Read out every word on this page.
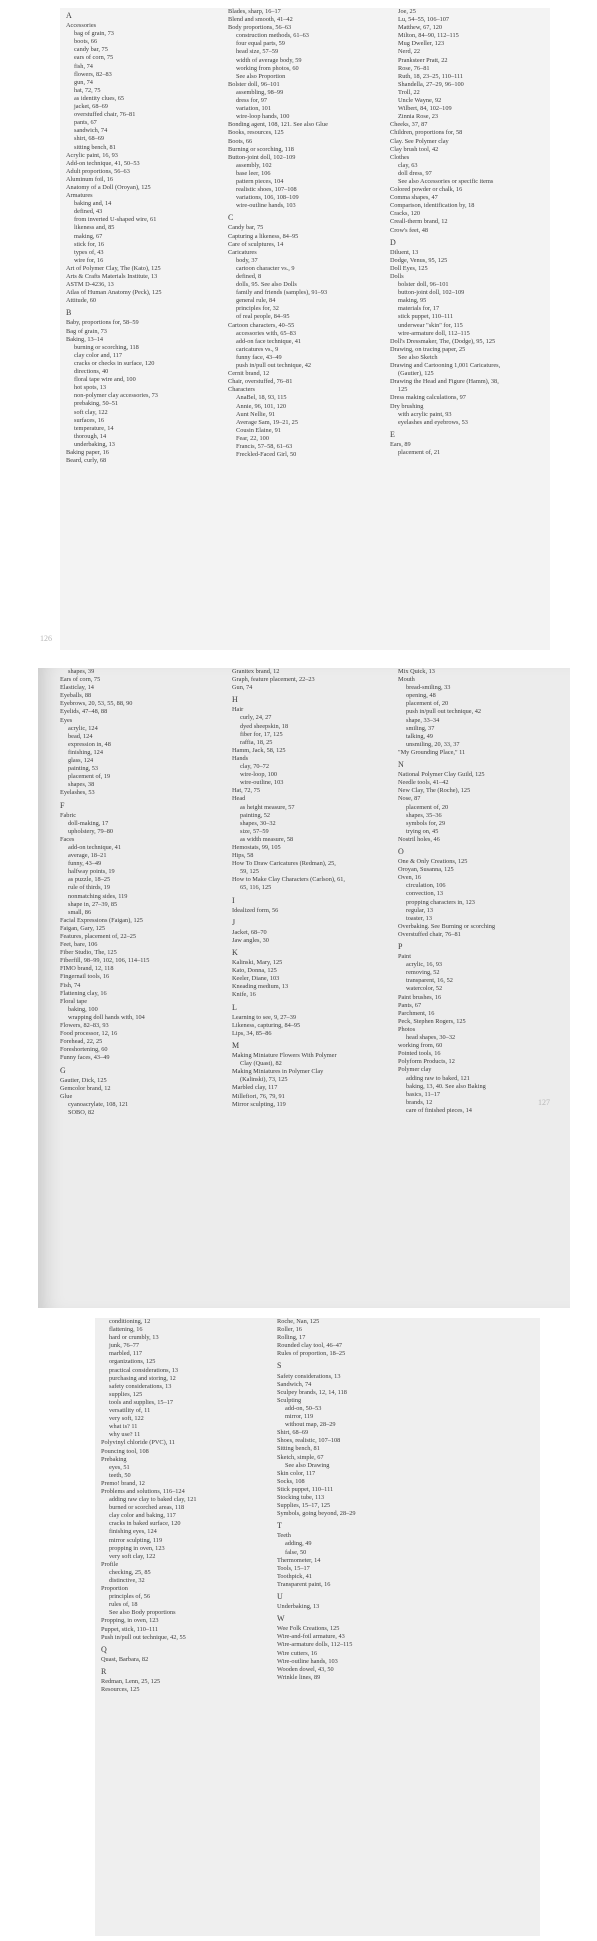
A
Accessories
bag of grain, 73
boots, 66
candy bar, 75
ears of corn, 75
fish, 74
flowers, 82–83
gun, 74
hat, 72, 75
as identity clues, 65
jacket, 68–69
overstuffed chair, 76–81
pants, 67
sandwich, 74
shirt, 68–69
sitting bench, 81
Acrylic paint, 16, 93
Add-on technique, 41, 50–53
Adult proportions, 56–63
Aluminum foil, 16
Anatomy of a Doll (Oroyan), 125
Armatures
baking and, 14
defined, 43
from inverted U-shaped wire, 61
likeness and, 85
making, 67
stick for, 16
types of, 43
wire for, 16
Art of Polymer Clay, The (Kato), 125
Arts & Crafts Materials Institute, 13
ASTM D-4236, 13
Atlas of Human Anatomy (Peck), 125
Attitude, 60
B
Baby, proportions for, 58–59
Bag of grain, 73
Baking, 13–14
burning or scorching, 118
clay color and, 117
cracks or checks in surface, 120
directions, 40
floral tape wire and, 100
hot spots, 13
non-polymer clay accessories, 73
prebaking, 50–51
soft clay, 122
surfaces, 16
temperature, 14
thorough, 14
underbaking, 13
Baking paper, 16
Beard, curly, 68
Blades, sharp, 16–17
Blend and smooth, 41–42
Body proportions, 56–63
construction methods, 61–63
four equal parts, 59
head size, 57–59
width of average body, 59
working from photos, 60
See also Proportion
Bolster doll, 96–101
assembling, 98–99
dress for, 97
variation, 101
wire-loop hands, 100
Bonding agent, 108, 121. See also Glue
Books, resources, 125
Boots, 66
Burning or scorching, 118
Button-joint doll, 102–109
assembly, 102
base leer, 106
pattern pieces, 104
realistic shoes, 107–108
variations, 106, 108–109
wire-outline hands, 103
C
Candy bar, 75
Capturing a likeness, 84–95
Care of sculptures, 14
Caricatures
body, 37
cartoon character vs., 9
defined, 8
dolls, 95. See also Dolls
family and friends (samples), 91–93
general rule, 84
principles for, 32
of real people, 84–95
Cartoon characters, 40–55
accessories with, 65–83
add-on face technique, 41
caricatures vs., 9
funny face, 43–49
push in/pull out technique, 42
Cernit brand, 12
Chair, overstuffed, 76–81
Characters
AnaBel, 18, 93, 115
Annie, 96, 101, 120
Aunt Nellie, 91
Average Sam, 19–21, 25
Cousin Elaine, 91
Fear, 22, 100
Francis, 57–58, 61–63
Freckled-Faced Girl, 50
Joe, 25
Lu, 54–55, 106–107
Matthew, 67, 120
Milton, 84–90, 112–115
Mug Dweller, 123
Nerd, 22
Pranksteer Pratt, 22
Rose, 76–81
Ruth, 18, 23–25, 110–111
Shandella, 27–29, 96–100
Troll, 22
Uncle Wayne, 92
Wilbert, 84, 102–109
Zinnia Rose, 23
Cheeks, 37, 87
Children, proportions for, 58
Clay. See Polymer clay
Clay brush tool, 42
Clothes
clay, 63
doll dress, 97
See also Accessories or specific items
Colored powder or chalk, 16
Comma shapes, 47
Comparison, identification by, 18
Cracks, 120
Creall-therm brand, 12
Crow's feet, 48
D
Diluent, 13
Dodge, Venus, 95, 125
Doll Eyes, 125
Dolls
bolster doll, 96–101
button-joint doll, 102–109
making, 95
materials for, 17
stick puppet, 110–111
underwear "skin" for, 115
wire-armature doll, 112–115
Doll's Dressmaker, The, (Dodge), 95, 125
Drawing, on tracing paper, 25
See also Sketch
Drawing and Cartooning 1,001 Caricatures,
(Gautier), 125
Drawing the Head and Figure (Hamm), 38,
125
Dress making calculations, 97
Dry brushing
with acrylic paint, 93
eyelashes and eyebrows, 53
E
Ears, 89
placement of, 21
126
shapes, 39
Ears of corn, 75
Elasticlay, 14
Eyeballs, 88
Eyebrows, 20, 53, 55, 88, 90
Eyelids, 47–48, 88
Eyes
acrylic, 124
bead, 124
expression in, 48
finishing, 124
glass, 124
painting, 53
placement of, 19
shapes, 38
Eyelashes, 53
F
Fabric
doll-making, 17
upholstery, 79–80
Faces
add-on technique, 41
average, 18–21
funny, 43–49
halfway points, 19
as puzzle, 18–25
rule of thirds, 19
nonmatching sides, 119
shape in, 27–39, 85
small, 86
Facial Expressions (Faigan), 125
Faigan, Gary, 125
Features, placement of, 22–25
Feet, bare, 106
Fiber Studio, The, 125
Fiberfill, 98–99, 102, 106, 114–115
FIMO brand, 12, 118
Fingernail tools, 16
Fish, 74
Flattening clay, 16
Floral tape
baking, 100
wrapping doll hands with, 104
Flowers, 82–83, 93
Food processor, 12, 16
Forehead, 22, 25
Foreshortening, 60
Funny faces, 43–49
G
Gautier, Dick, 125
Gemcolor brand, 12
Glue
cyanoacrylate, 108, 121
SOBO, 82
Granitex brand, 12
Graph, feature placement, 22–23
Gun, 74
H
Hair
curly, 24, 27
dyed sheepskin, 18
fiber for, 17, 125
raffia, 18, 25
Hamm, Jack, 58, 125
Hands
clay, 70–72
wire-loop, 100
wire-outline, 103
Hat, 72, 75
Head
as height measure, 57
painting, 52
shapes, 30–32
size, 57–59
as width measure, 58
Hemostats, 99, 105
Hips, 58
How To Draw Caricatures (Redman), 25,
59, 125
How to Make Clay Characters (Carlson), 61,
65, 116, 125
I
Idealized form, 56
J
Jacket, 68–70
Jaw angles, 30
K
Kalinski, Mary, 125
Kato, Donna, 125
Keeler, Diane, 103
Kneading medium, 13
Knife, 16
L
Learning to see, 9, 27–39
Likeness, capturing, 84–95
Lips, 34, 85–86
M
Making Miniature Flowers With Polymer
Clay (Quast), 82
Making Miniatures in Polymer Clay
(Kalinski), 73, 125
Marbled clay, 117
Millefiori, 76, 79, 91
Mirror sculpting, 119
Mix Quick, 13
Mouth
bread-smiling, 33
opening, 48
placement of, 20
push in/pull out technique, 42
shape, 33–34
smiling, 37
talking, 49
unsmiling, 20, 33, 37
"My Grounding Place," 11
N
National Polymer Clay Guild, 125
Needle tools, 41–42
New Clay, The (Roche), 125
Nose, 87
placement of, 20
shapes, 35–36
symbols for, 29
trying on, 45
Nostril holes, 46
O
One & Only Creations, 125
Oroyan, Susanna, 125
Oven, 16
circulation, 106
convection, 13
propping characters in, 123
regular, 13
toaster, 13
Overbaking. See Burning or scorching
Overstuffed chair, 76–81
P
Paint
acrylic, 16, 93
removing, 52
transparent, 16, 52
watercolor, 52
Paint brushes, 16
Pants, 67
Parchment, 16
Peck, Stephen Rogers, 125
Photos
head shapes, 30–32
working from, 60
Pointed tools, 16
Polyform Products, 12
Polymer clay
adding raw to baked, 121
baking, 13, 40. See also Baking
basics, 11–17
brands, 12
care of finished pieces, 14
127
conditioning, 12
flattening, 16
hard or crumbly, 13
junk, 76–77
marbled, 117
organizations, 125
practical considerations, 13
purchasing and storing, 12
safety considerations, 13
supplies, 125
tools and supplies, 15–17
versatility of, 11
very soft, 122
what is? 11
why use? 11
Polyvinyl chloride (PVC), 11
Pouncing tool, 108
Prebaking
eyes, 51
teeth, 50
Premo! brand, 12
Problems and solutions, 116–124
adding raw clay to baked clay, 121
burned or scorched areas, 118
clay color and baking, 117
cracks in baked surface, 120
finishing eyes, 124
mirror sculpting, 119
propping in oven, 123
very soft clay, 122
Profile
checking, 25, 85
distinctive, 32
Proportion
principles of, 56
rules of, 18
See also Body proportions
Propping, in oven, 123
Puppet, stick, 110–111
Push in/pull out technique, 42, 55
Q
Quast, Barbara, 82
R
Redman, Lenn, 25, 125
Resources, 125
Roche, Nan, 125
Roller, 16
Rolling, 17
Rounded clay tool, 46–47
Rules of proportion, 18–25
S
Safety considerations, 13
Sandwich, 74
Sculpey brands, 12, 14, 118
Sculpting
add-on, 50–53
mirror, 119
without map, 28–29
Shirt, 68–69
Shoes, realistic, 107–108
Sitting bench, 81
Sketch, simple, 67
See also Drawing
Skin color, 117
Socks, 108
Stick puppet, 110–111
Stocking tube, 113
Supplies, 15–17, 125
Symbols, going beyond, 28–29
T
Teeth
adding, 49
false, 50
Thermometer, 14
Tools, 15–17
Toothpick, 41
Transparent paint, 16
U
Underbaking, 13
W
Wee Folk Creations, 125
Wire-and-foil armature, 43
Wire-armature dolls, 112–115
Wire cutters, 16
Wire-outline hands, 103
Wooden dowel, 43, 50
Wrinkle lines, 89
